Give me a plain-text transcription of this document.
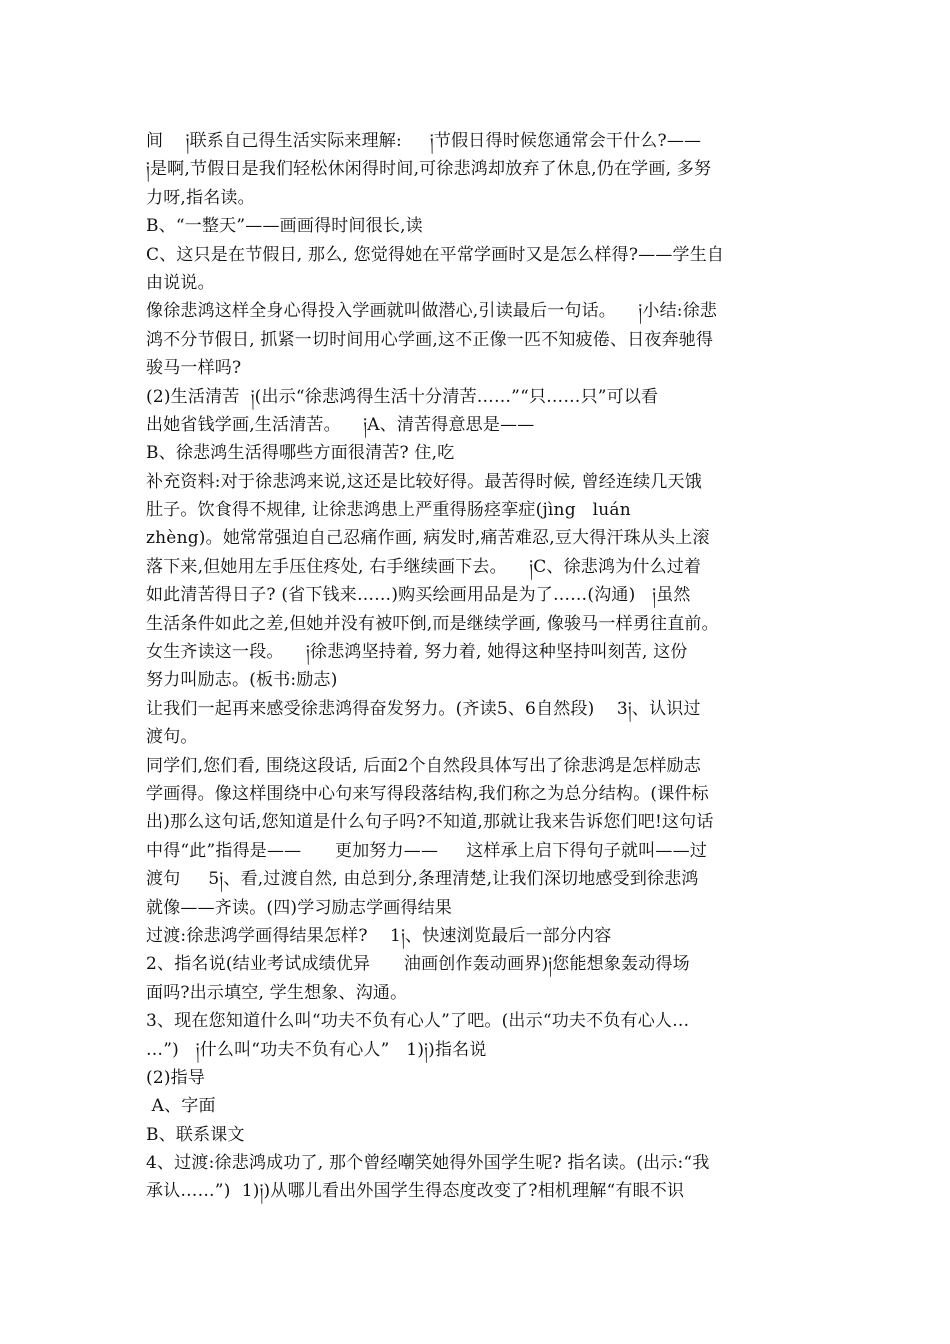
间    ༏联系自己得生活实际来理解:     ༏节假日得时候您通常会干什么?——
༏是啊,节假日是我们轻松休闲得时间,可徐悲鸿却放弃了休息,仍在学画, 多努
力呀,指名读。
B、“一整天”——画画得时间很长,读
C、这只是在节假日, 那么, 您觉得她在平常学画时又是怎么样得?——学生自
由说说。
像徐悲鸿这样全身心得投入学画就叫做潜心,引读最后一句话。    ༏小结:徐悲
鸿不分节假日, 抓紧一切时间用心学画,这不正像一匹不知疲倦、日夜奔驰得
骏马一样吗?
(2)生活清苦  ༏(出示“徐悲鸿得生活十分清苦……”“只……只”可以看
出她省钱学画,生活清苦。    ༏A、清苦得意思是——
B、徐悲鸿生活得哪些方面很清苦? 住,吃
补充资料:对于徐悲鸿来说,这还是比较好得。最苦得时候, 曾经连续几天饿
肚子。饮食得不规律, 让徐悲鸿患上严重得肠痉挛症(jìng   luán
zhèng)。她常常强迫自己忍痛作画, 病发时,痛苦难忍,豆大得汗珠从头上滚
落下来,但她用左手压住疼处, 右手继续画下去。    ༏C、徐悲鸿为什么过着
如此清苦得日子? (省下钱来……)购买绘画用品是为了……(沟通)   ༏虽然
生活条件如此之差,但她并没有被吓倒,而是继续学画, 像骏马一样勇往直前。
女生齐读这一段。    ༏徐悲鸿坚持着, 努力着, 她得这种坚持叫刻苦, 这份
努力叫励志。(板书:励志)
让我们一起再来感受徐悲鸿得奋发努力。(齐读5、6自然段)    3༏、认识过
渡句。
同学们,您们看, 围绕这段话, 后面2个自然段具体写出了徐悲鸿是怎样励志
学画得。像这样围绕中心句来写得段落结构,我们称之为总分结构。(课件标
出)那么这句话,您知道是什么句子吗?不知道,那就让我来告诉您们吧!这句话
中得“此”指得是——      更加努力——     这样承上启下得句子就叫——过
渡句     5༏、看,过渡自然, 由总到分,条理清楚,让我们深切地感受到徐悲鸿
就像——齐读。(四)学习励志学画得结果
过渡:徐悲鸿学画得结果怎样?    1༏、快速浏览最后一部分内容
2、指名说(结业考试成绩优异      油画创作轰动画界)༏您能想象轰动得场
面吗?出示填空, 学生想象、沟通。
3、现在您知道什么叫“功夫不负有心人”了吧。(出示“功夫不负有心人…
…”)   ༏什么叫“功夫不负有心人”   1)༏)指名说
(2)指导
A、字面
B、联系课文
4、过渡:徐悲鸿成功了, 那个曾经嘲笑她得外国学生呢? 指名读。(出示:“我
承认……”)  1)༏)从哪儿看出外国学生得态度改变了?相机理解“有眼不识
